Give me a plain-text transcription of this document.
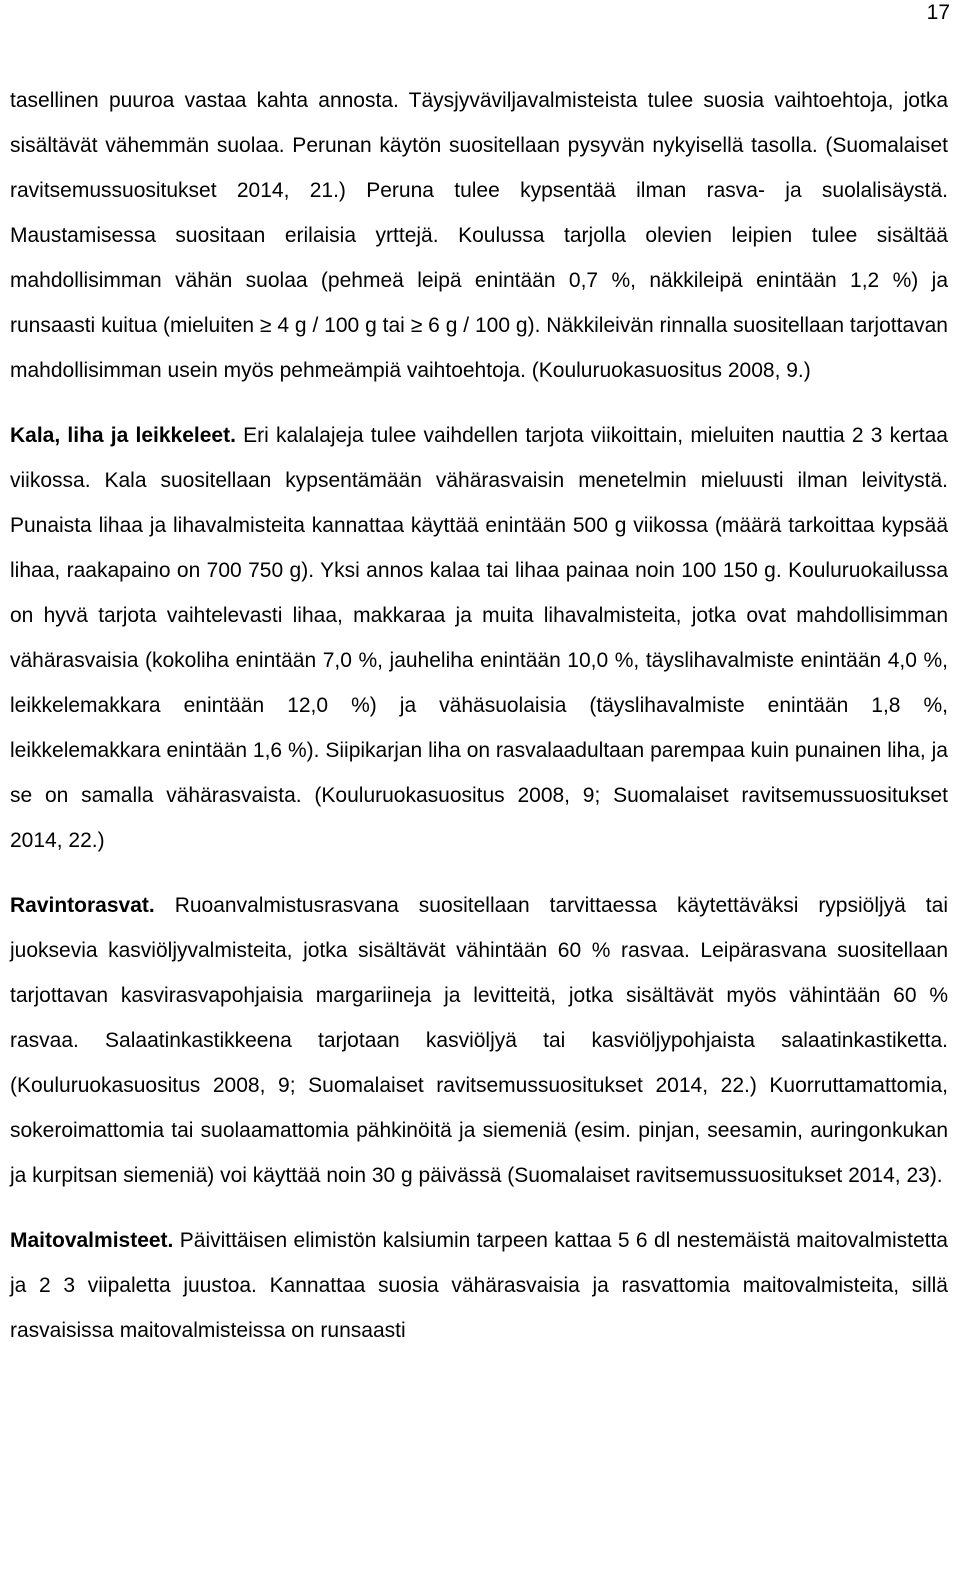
17

tasellinen puuroa vastaa kahta annosta. Täysjyväviljavalmisteista tulee suosia vaihtoehtoja, jotka sisältävät vähemmän suolaa. Perunan käytön suositellaan pysyvän nykyisellä tasolla. (Suomalaiset ravitsemussuositukset 2014, 21.) Peruna tulee kypsentää ilman rasva- ja suolalisäystä. Maustamisessa suositaan erilaisia yrttejä. Koulussa tarjolla olevien leipien tulee sisältää mahdollisimman vähän suolaa (pehmeä leipä enintään 0,7 %, näkkileipä enintään 1,2 %) ja runsaasti kuitua (mieluiten ≥ 4 g / 100 g tai ≥ 6 g / 100 g). Näkkileivän rinnalla suositellaan tarjottavan mahdollisimman usein myös pehmeämpiä vaihtoehtoja. (Kouluruokasuositus 2008, 9.)

Kala, liha ja leikkeleet. Eri kalalajeja tulee vaihdellen tarjota viikoittain, mieluiten nauttia 2 3 kertaa viikossa. Kala suositellaan kypsentämään vähärasvaisin menetelmin mieluusti ilman leivitystä. Punaista lihaa ja lihavalmisteita kannattaa käyttää enintään 500 g viikossa (määrä tarkoittaa kypsää lihaa, raakapaino on 700 750 g). Yksi annos kalaa tai lihaa painaa noin 100 150 g. Kouluruokailussa on hyvä tarjota vaihtelevasti lihaa, makkaraa ja muita lihavalmisteita, jotka ovat mahdollisimman vähärasvaisia (kokoliha enintään 7,0 %, jauheliha enintään 10,0 %, täyslihavalmiste enintään 4,0 %, leikkelemakkara enintään 12,0 %) ja vähäsuolaisia (täyslihavalmiste enintään 1,8 %, leikkelemakkara enintään 1,6 %). Siipikarjan liha on rasvalaadultaan parempaa kuin punainen liha, ja se on samalla vähärasvaista. (Kouluruokasuositus 2008, 9; Suomalaiset ravitsemussuositukset 2014, 22.)

Ravintorasvat. Ruoanvalmistusrasvana suositellaan tarvittaessa käytettäväksi rypsiöljyä tai juoksevia kasviöljyvalmisteita, jotka sisältävät vähintään 60 % rasvaa. Leipärasvana suositellaan tarjottavan kasvirasvapohjaisia margariineja ja levitteitä, jotka sisältävät myös vähintään 60 % rasvaa. Salaatinkastikkeena tarjotaan kasviöljyä tai kasviöljypohjaista salaatinkastiketta. (Kouluruokasuositus 2008, 9; Suomalaiset ravitsemussuositukset 2014, 22.) Kuorruttamattomia, sokeroimattomia tai suolaamattomia pähkinöitä ja siemeniä (esim. pinjan, seesamin, auringonkukan ja kurpitsan siemeniä) voi käyttää noin 30 g päivässä (Suomalaiset ravitsemussuositukset 2014, 23).

Maitovalmisteet. Päivittäisen elimistön kalsiumin tarpeen kattaa 5 6 dl nestemäistä maitovalmistetta ja 2 3 viipaletta juustoa. Kannattaa suosia vähärasvaisia ja rasvattomia maitovalmisteita, sillä rasvaisissa maitovalmisteissa on runsaasti
